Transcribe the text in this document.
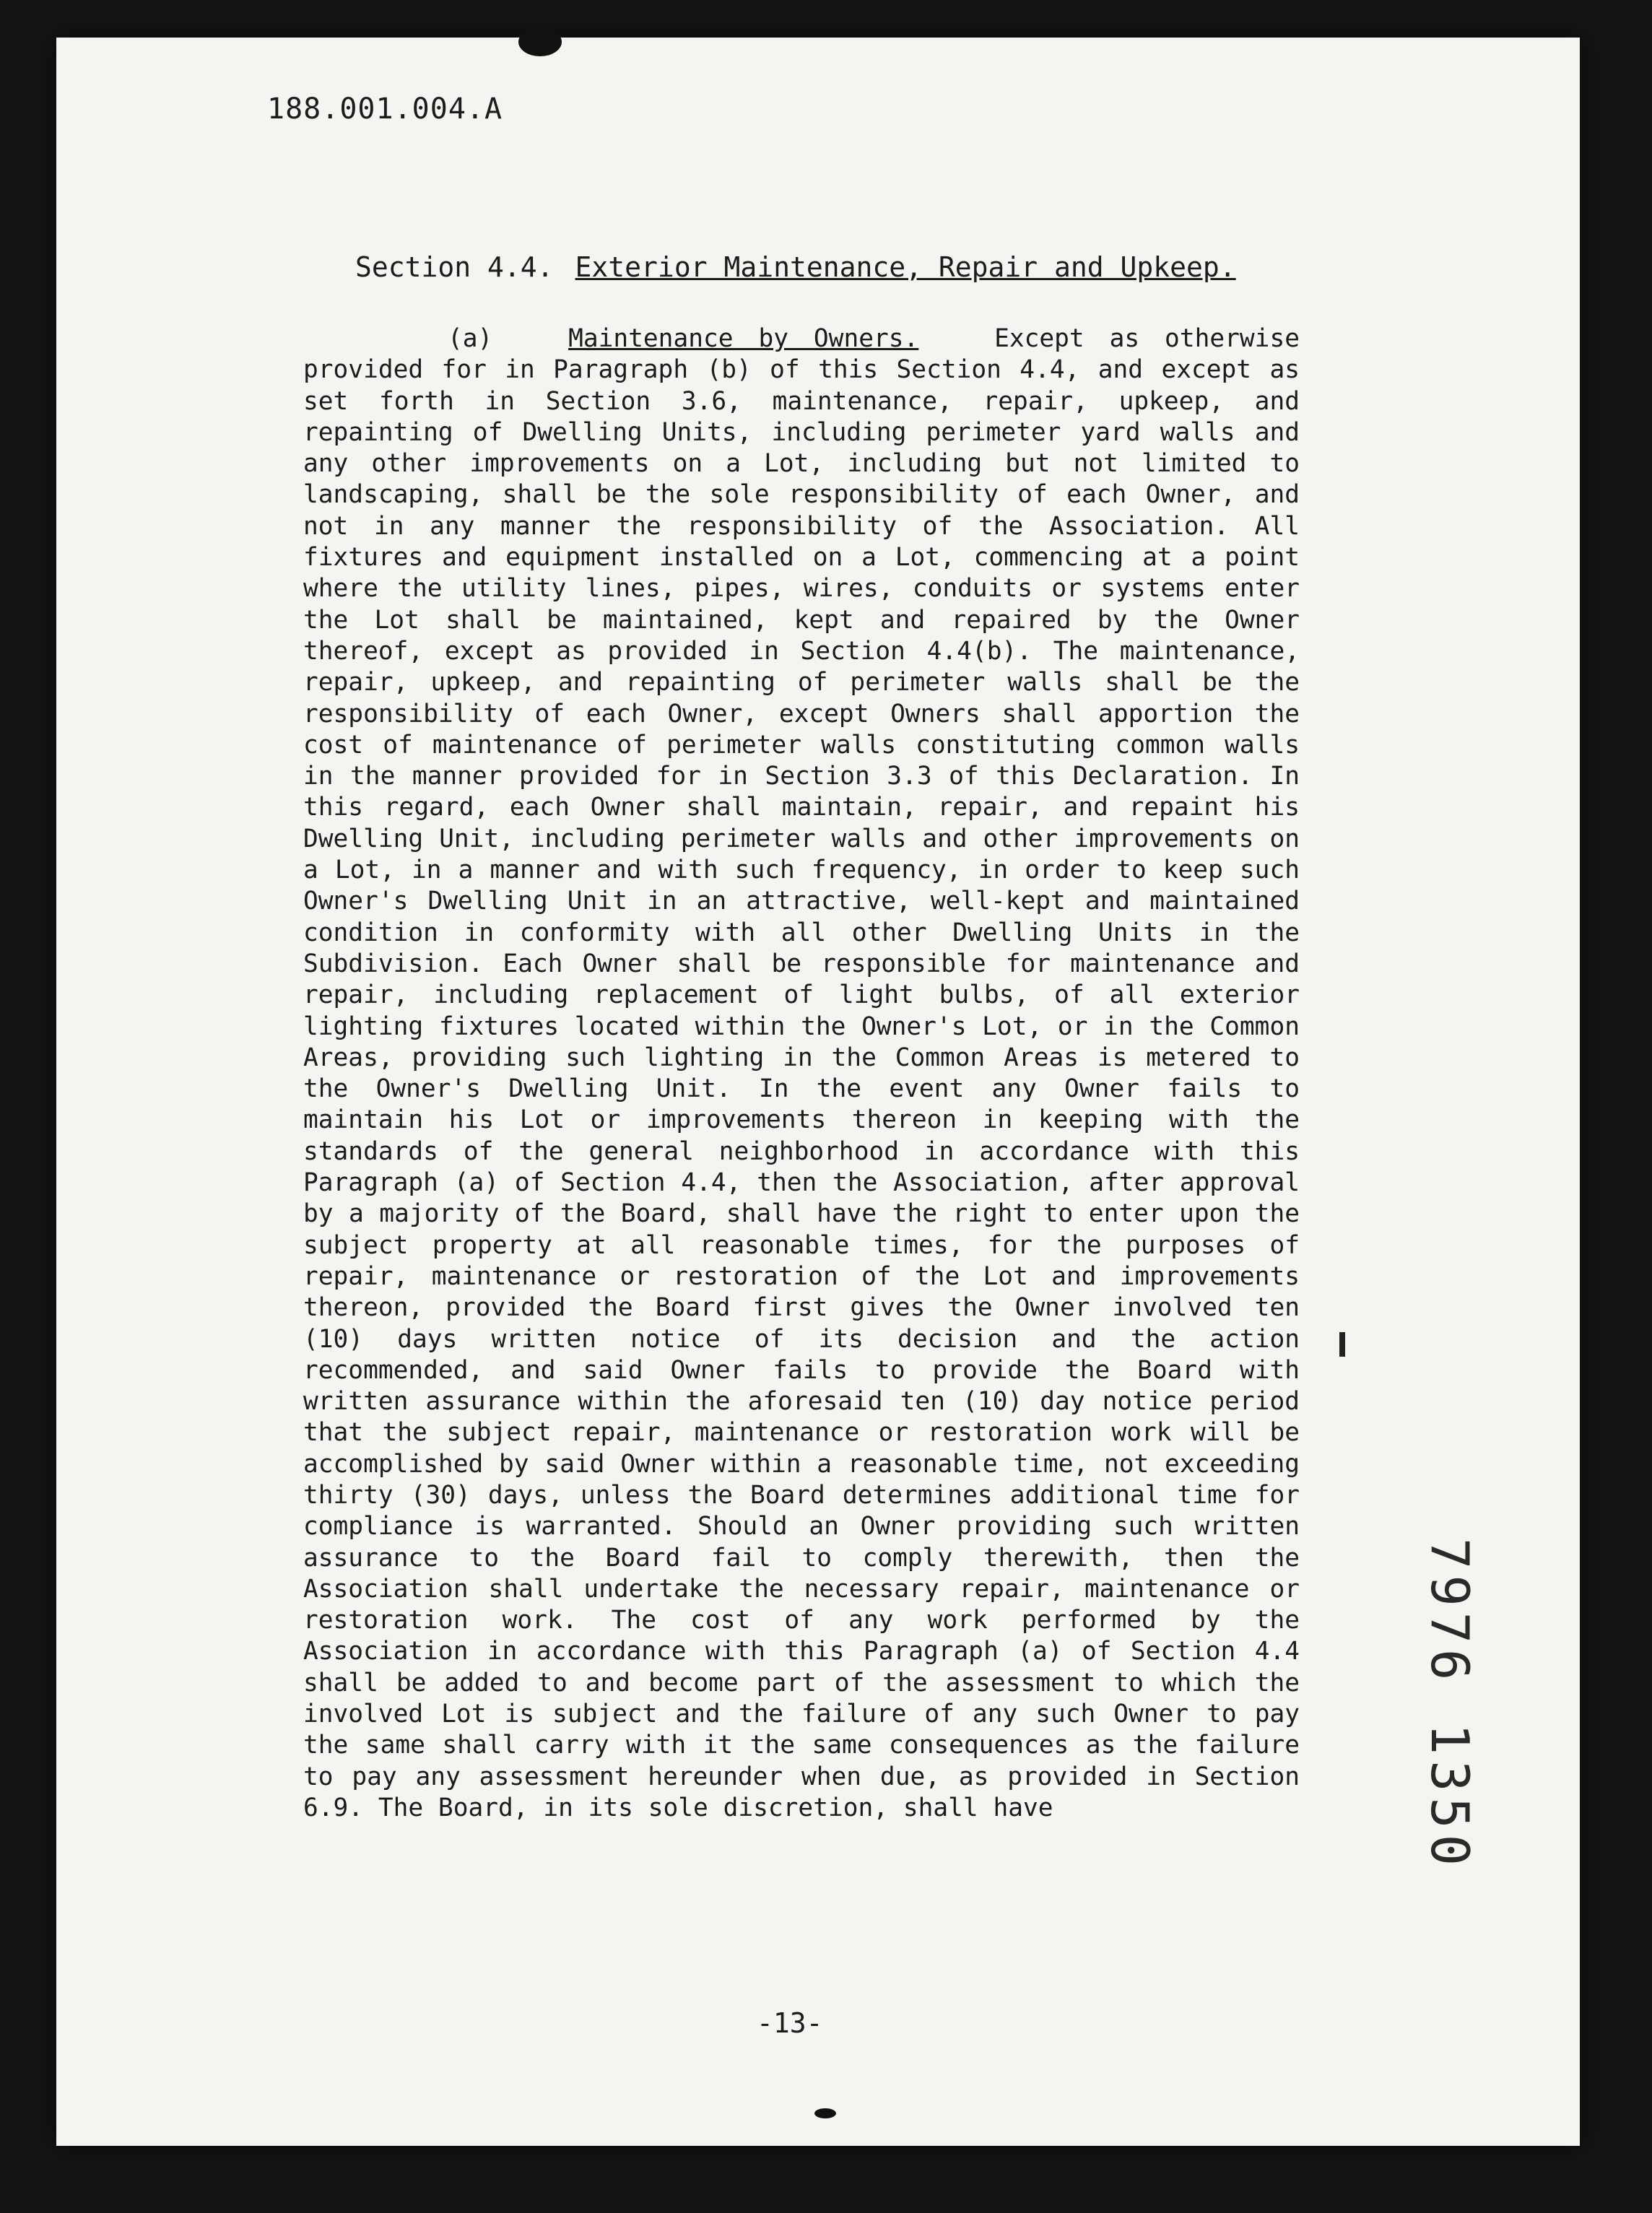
188.001.004.A
Section 4.4. Exterior Maintenance, Repair and Upkeep.

(a)	Maintenance by Owners.	Except as otherwise provided for in Paragraph (b) of this Section 4.4, and except as set forth in Section 3.6, maintenance, repair, upkeep, and repainting of Dwelling Units, including perimeter yard walls and any other improvements on a Lot, including but not limited to landscaping, shall be the sole responsibility of each Owner, and not in any manner the responsibility of the Association. All fixtures and equipment installed on a Lot, commencing at a point where the utility lines, pipes, wires, conduits or systems enter the Lot shall be maintained, kept and repaired by the Owner thereof, except as provided in Section 4.4(b). The maintenance, repair, upkeep, and repainting of perimeter walls shall be the responsibility of each Owner, except Owners shall apportion the cost of maintenance of perimeter walls constituting common walls in the manner provided for in Section 3.3 of this Declaration. In this regard, each Owner shall maintain, repair, and repaint his Dwelling Unit, including perimeter walls and other improvements on a Lot, in a manner and with such frequency, in order to keep such Owner's Dwelling Unit in an attractive, well-kept and maintained condition in conformity with all other Dwelling Units in the Subdivision. Each Owner shall be responsible for maintenance and repair, including replacement of light bulbs, of all exterior lighting fixtures located within the Owner's Lot, or in the Common Areas, providing such lighting in the Common Areas is metered to the Owner's Dwelling Unit. In the event any Owner fails to maintain his Lot or improvements thereon in keeping with the standards of the general neighborhood in accordance with this Paragraph (a) of Section 4.4, then the Association, after approval by a majority of the Board, shall have the right to enter upon the subject property at all reasonable times, for the purposes of repair, maintenance or restoration of the Lot and improvements thereon, provided the Board first gives the Owner involved ten (10) days written notice of its decision and the action recommended, and said Owner fails to provide the Board with written assurance within the aforesaid ten (10) day notice period that the subject repair, maintenance or restoration work will be accomplished by said Owner within a reasonable time, not exceeding thirty (30) days, unless the Board determines additional time for compliance is warranted. Should an Owner providing such written assurance to the Board fail to comply therewith, then the Association shall undertake the necessary repair, maintenance or restoration work. The cost of any work performed by the Association in accordance with this Paragraph (a) of Section 4.4 shall be added to and become part of the assessment to which the involved Lot is subject and the failure of any such Owner to pay the same shall carry with it the same consequences as the failure to pay any assessment hereunder when due, as provided in Section 6.9. The Board, in its sole discretion, shall have

-13-
7976 1350
